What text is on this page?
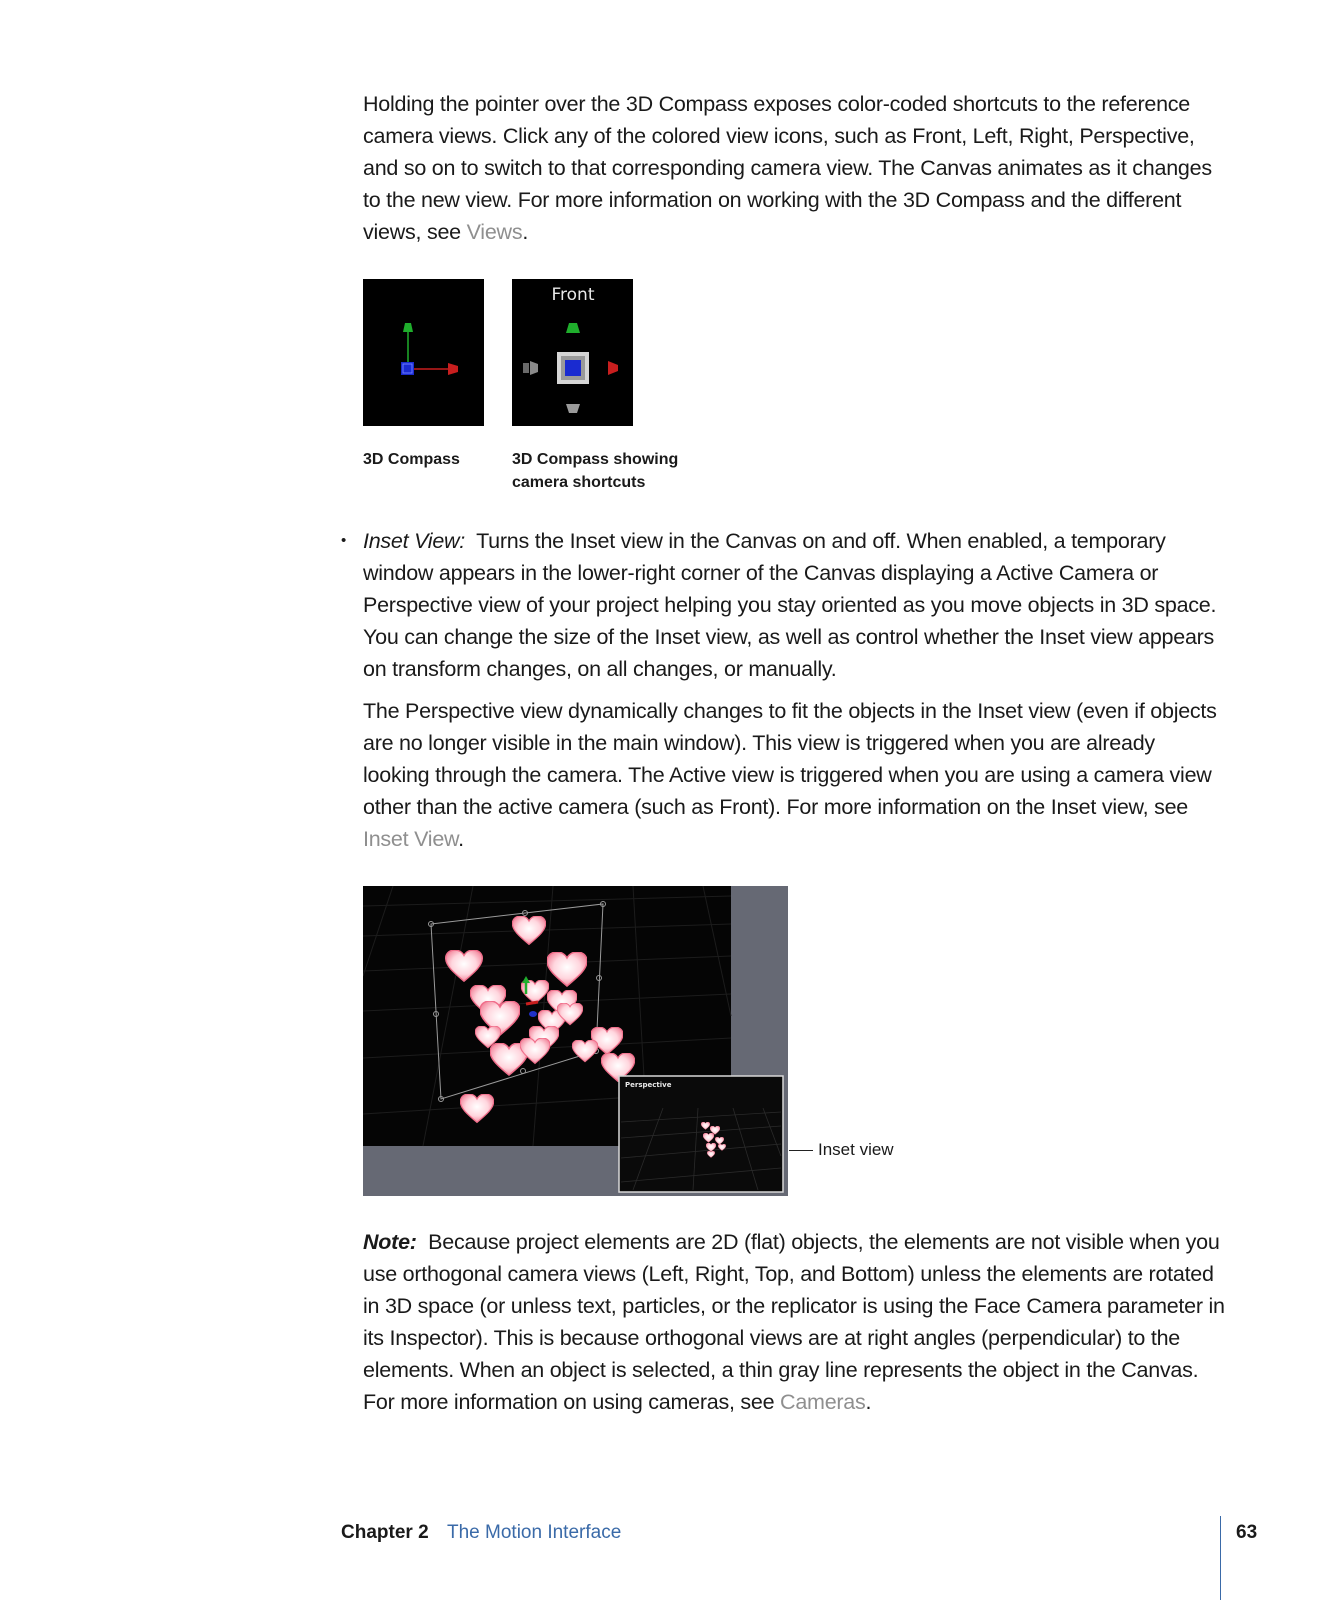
Holding the pointer over the 3D Compass exposes color-coded shortcuts to the reference camera views. Click any of the colored view icons, such as Front, Left, Right, Perspective, and so on to switch to that corresponding camera view. The Canvas animates as it changes to the new view. For more information on working with the 3D Compass and the different views, see Views.

Front
3D Compass	3D Compass showing camera shortcuts
• Inset View: Turns the Inset view in the Canvas on and off. When enabled, a temporary window appears in the lower-right corner of the Canvas displaying a Active Camera or Perspective view of your project helping you stay oriented as you move objects in 3D space. You can change the size of the Inset view, as well as control whether the Inset view appears on transform changes, on all changes, or manually.

The Perspective view dynamically changes to fit the objects in the Inset view (even if objects are no longer visible in the main window). This view is triggered when you are already looking through the camera. The Active view is triggered when you are using a camera view other than the active camera (such as Front). For more information on the Inset view, see Inset View.

Perspective
Inset view

Note: Because project elements are 2D (flat) objects, the elements are not visible when you use orthogonal camera views (Left, Right, Top, and Bottom) unless the elements are rotated in 3D space (or unless text, particles, or the replicator is using the Face Camera parameter in its Inspector). This is because orthogonal views are at right angles (perpendicular) to the elements. When an object is selected, a thin gray line represents the object in the Canvas. For more information on using cameras, see Cameras.

Chapter 2 The Motion Interface	63
